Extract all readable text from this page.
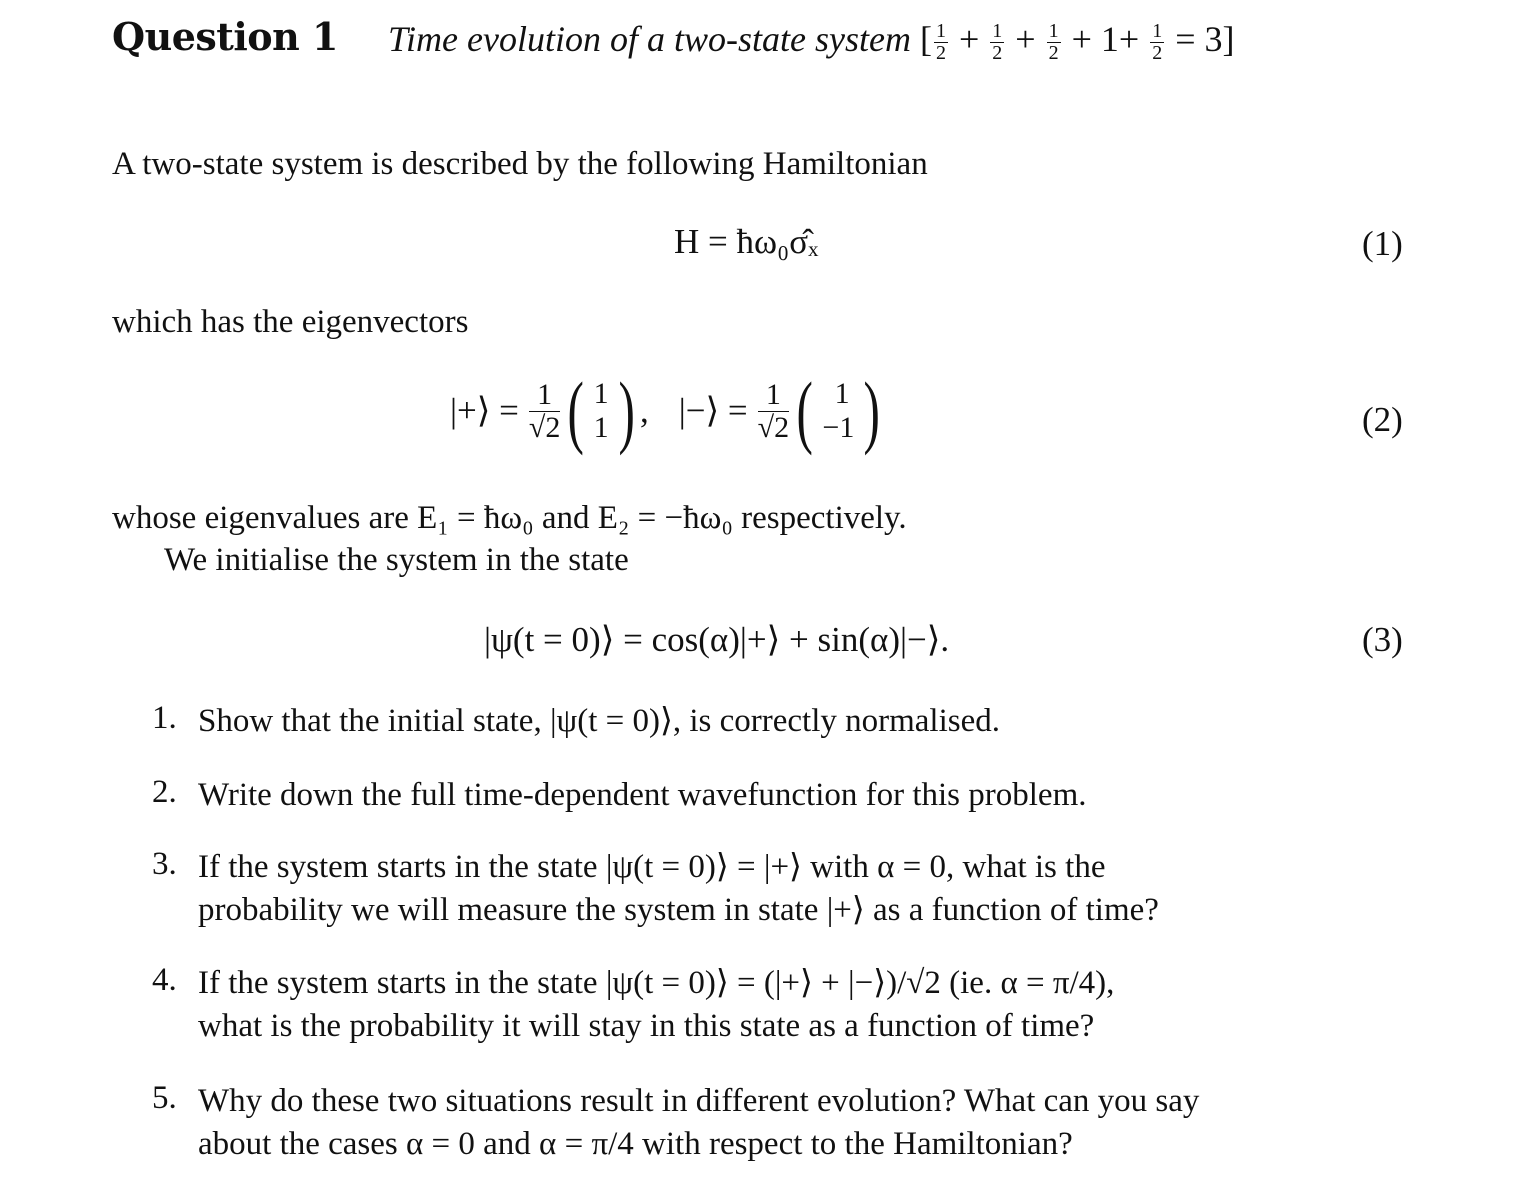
Question 1 Time evolution of a two-state system [ $\frac{1}{2} + \frac{1}{2} + \frac{1}{2} + 1+ \frac{1}{2} = 3$]
A two-state system is described by the following Hamiltonian
H = ħω₀σ̂ₓ	(1)
which has the eigenvectors
|+⟩ = $\frac{1}{√2}$ ( 1
1 ) , |−⟩ = $\frac{1}{√2}$ ( 1
−1 )	(2)
whose eigenvalues are E₁ = ħω₀ and E₂ = −ħω₀ respectively.
We initialise the system in the state
|ψ(t = 0)⟩ = cos(α)|+⟩ + sin(α)|−⟩.	(3)
1. Show that the initial state, |ψ(t = 0)⟩, is correctly normalised.
2. Write down the full time-dependent wavefunction for this problem.
3. If the system starts in the state |ψ(t = 0)⟩ = |+⟩ with α = 0, what is the
probability we will measure the system in state |+⟩ as a function of time?
4. If the system starts in the state |ψ(t = 0)⟩ = (|+⟩ + |−⟩)/√2 (ie. α = π/4),
what is the probability it will stay in this state as a function of time?
5. Why do these two situations result in different evolution? What can you say
about the cases α = 0 and α = π/4 with respect to the Hamiltonian?
